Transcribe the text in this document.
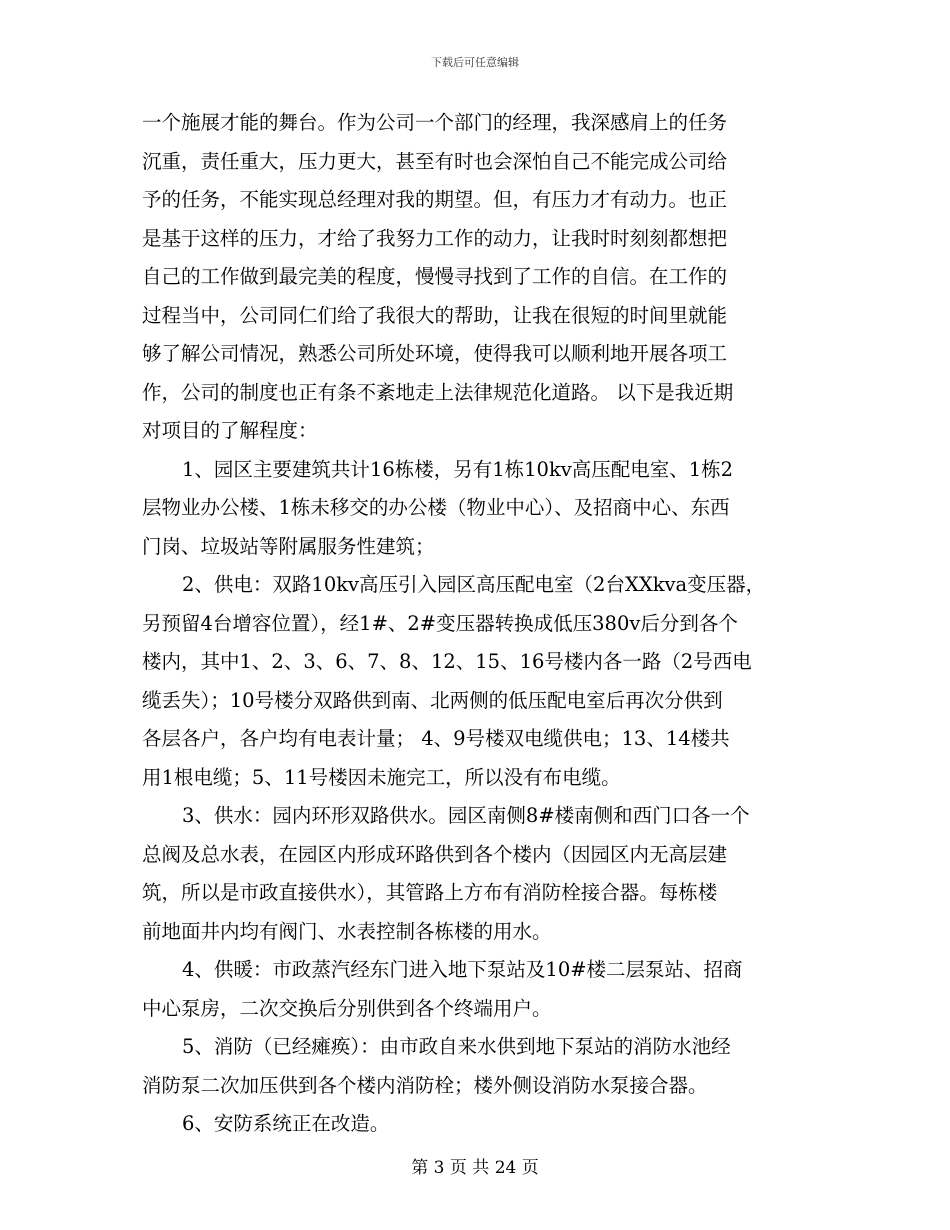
下载后可任意编辑
一个施展才能的舞台。作为公司一个部门的经理，我深感肩上的任务
沉重，责任重大，压力更大，甚至有时也会深怕自己不能完成公司给
予的任务，不能实现总经理对我的期望。但，有压力才有动力。也正
是基于这样的压力，才给了我努力工作的动力，让我时时刻刻都想把
自己的工作做到最完美的程度，慢慢寻找到了工作的自信。在工作的
过程当中，公司同仁们给了我很大的帮助，让我在很短的时间里就能
够了解公司情况，熟悉公司所处环境，使得我可以顺利地开展各项工
作，公司的制度也正有条不紊地走上法律规范化道路。 以下是我近期
对项目的了解程度：
1、园区主要建筑共计16栋楼，另有1栋10kv高压配电室、1栋2
层物业办公楼、1栋未移交的办公楼（物业中心）、及招商中心、东西
门岗、垃圾站等附属服务性建筑；
2、供电：双路10kv高压引入园区高压配电室（2台XXkva变压器，
另预留4台增容位置），经1#、2#变压器转换成低压380v后分到各个
楼内，其中1、2、3、6、7、8、12、15、16号楼内各一路（2号西电
缆丢失）；10号楼分双路供到南、北两侧的低压配电室后再次分供到
各层各户，各户均有电表计量； 4、9号楼双电缆供电；13、14楼共
用1根电缆；5、11号楼因未施完工，所以没有布电缆。
3、供水：园内环形双路供水。园区南侧8#楼南侧和西门口各一个
总阀及总水表，在园区内形成环路供到各个楼内（因园区内无高层建
筑，所以是市政直接供水），其管路上方布有消防栓接合器。每栋楼
前地面井内均有阀门、水表控制各栋楼的用水。
4、供暖：市政蒸汽经东门进入地下泵站及10#楼二层泵站、招商
中心泵房，二次交换后分别供到各个终端用户。
5、消防（已经瘫痪）：由市政自来水供到地下泵站的消防水池经
消防泵二次加压供到各个楼内消防栓；楼外侧设消防水泵接合器。
6、安防系统正在改造。
第 3 页 共 24 页
